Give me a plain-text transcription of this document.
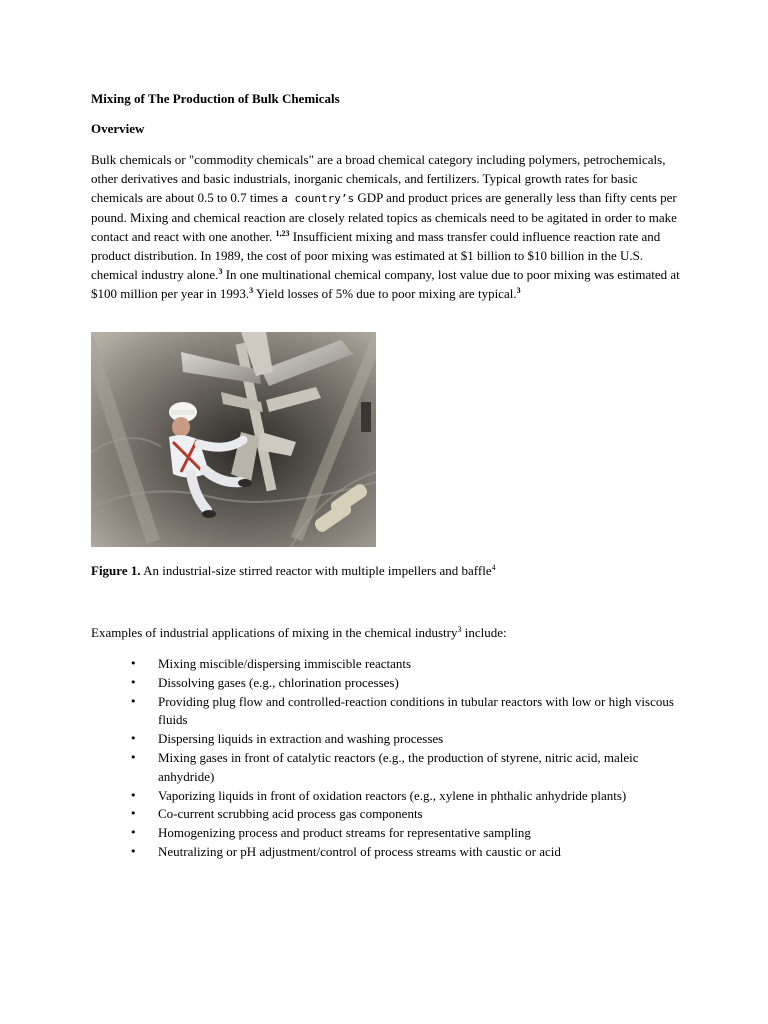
Mixing of The Production of Bulk Chemicals

Overview

Bulk chemicals or "commodity chemicals" are a broad chemical category including polymers, petrochemicals, other derivatives and basic industrials, inorganic chemicals, and fertilizers. Typical growth rates for basic chemicals are about 0.5 to 0.7 times a country’s GDP and product prices are generally less than fifty cents per pound. Mixing and chemical reaction are closely related topics as chemicals need to be agitated in order to make contact and react with one another. $^{1,23}$ Insufficient mixing and mass transfer could influence reaction rate and product distribution. In 1989, the cost of poor mixing was estimated at $1 billion to $10 billion in the U.S. chemical industry alone.$^3$ In one multinational chemical company, lost value due to poor mixing was estimated at $100 million per year in 1993.$^3$ Yield losses of 5% due to poor mixing are typical.$^3$

Figure 1. An industrial-size stirred reactor with multiple impellers and baffle$^4$

Examples of industrial applications of mixing in the chemical industry$^3$ include:

• Mixing miscible/dispersing immiscible reactants
• Dissolving gases (e.g., chlorination processes)
• Providing plug flow and controlled-reaction conditions in tubular reactors with low or high viscous fluids
• Dispersing liquids in extraction and washing processes
• Mixing gases in front of catalytic reactors (e.g., the production of styrene, nitric acid, maleic anhydride)
• Vaporizing liquids in front of oxidation reactors (e.g., xylene in phthalic anhydride plants)
• Co-current scrubbing acid process gas components
• Homogenizing process and product streams for representative sampling
• Neutralizing or pH adjustment/control of process streams with caustic or acid
